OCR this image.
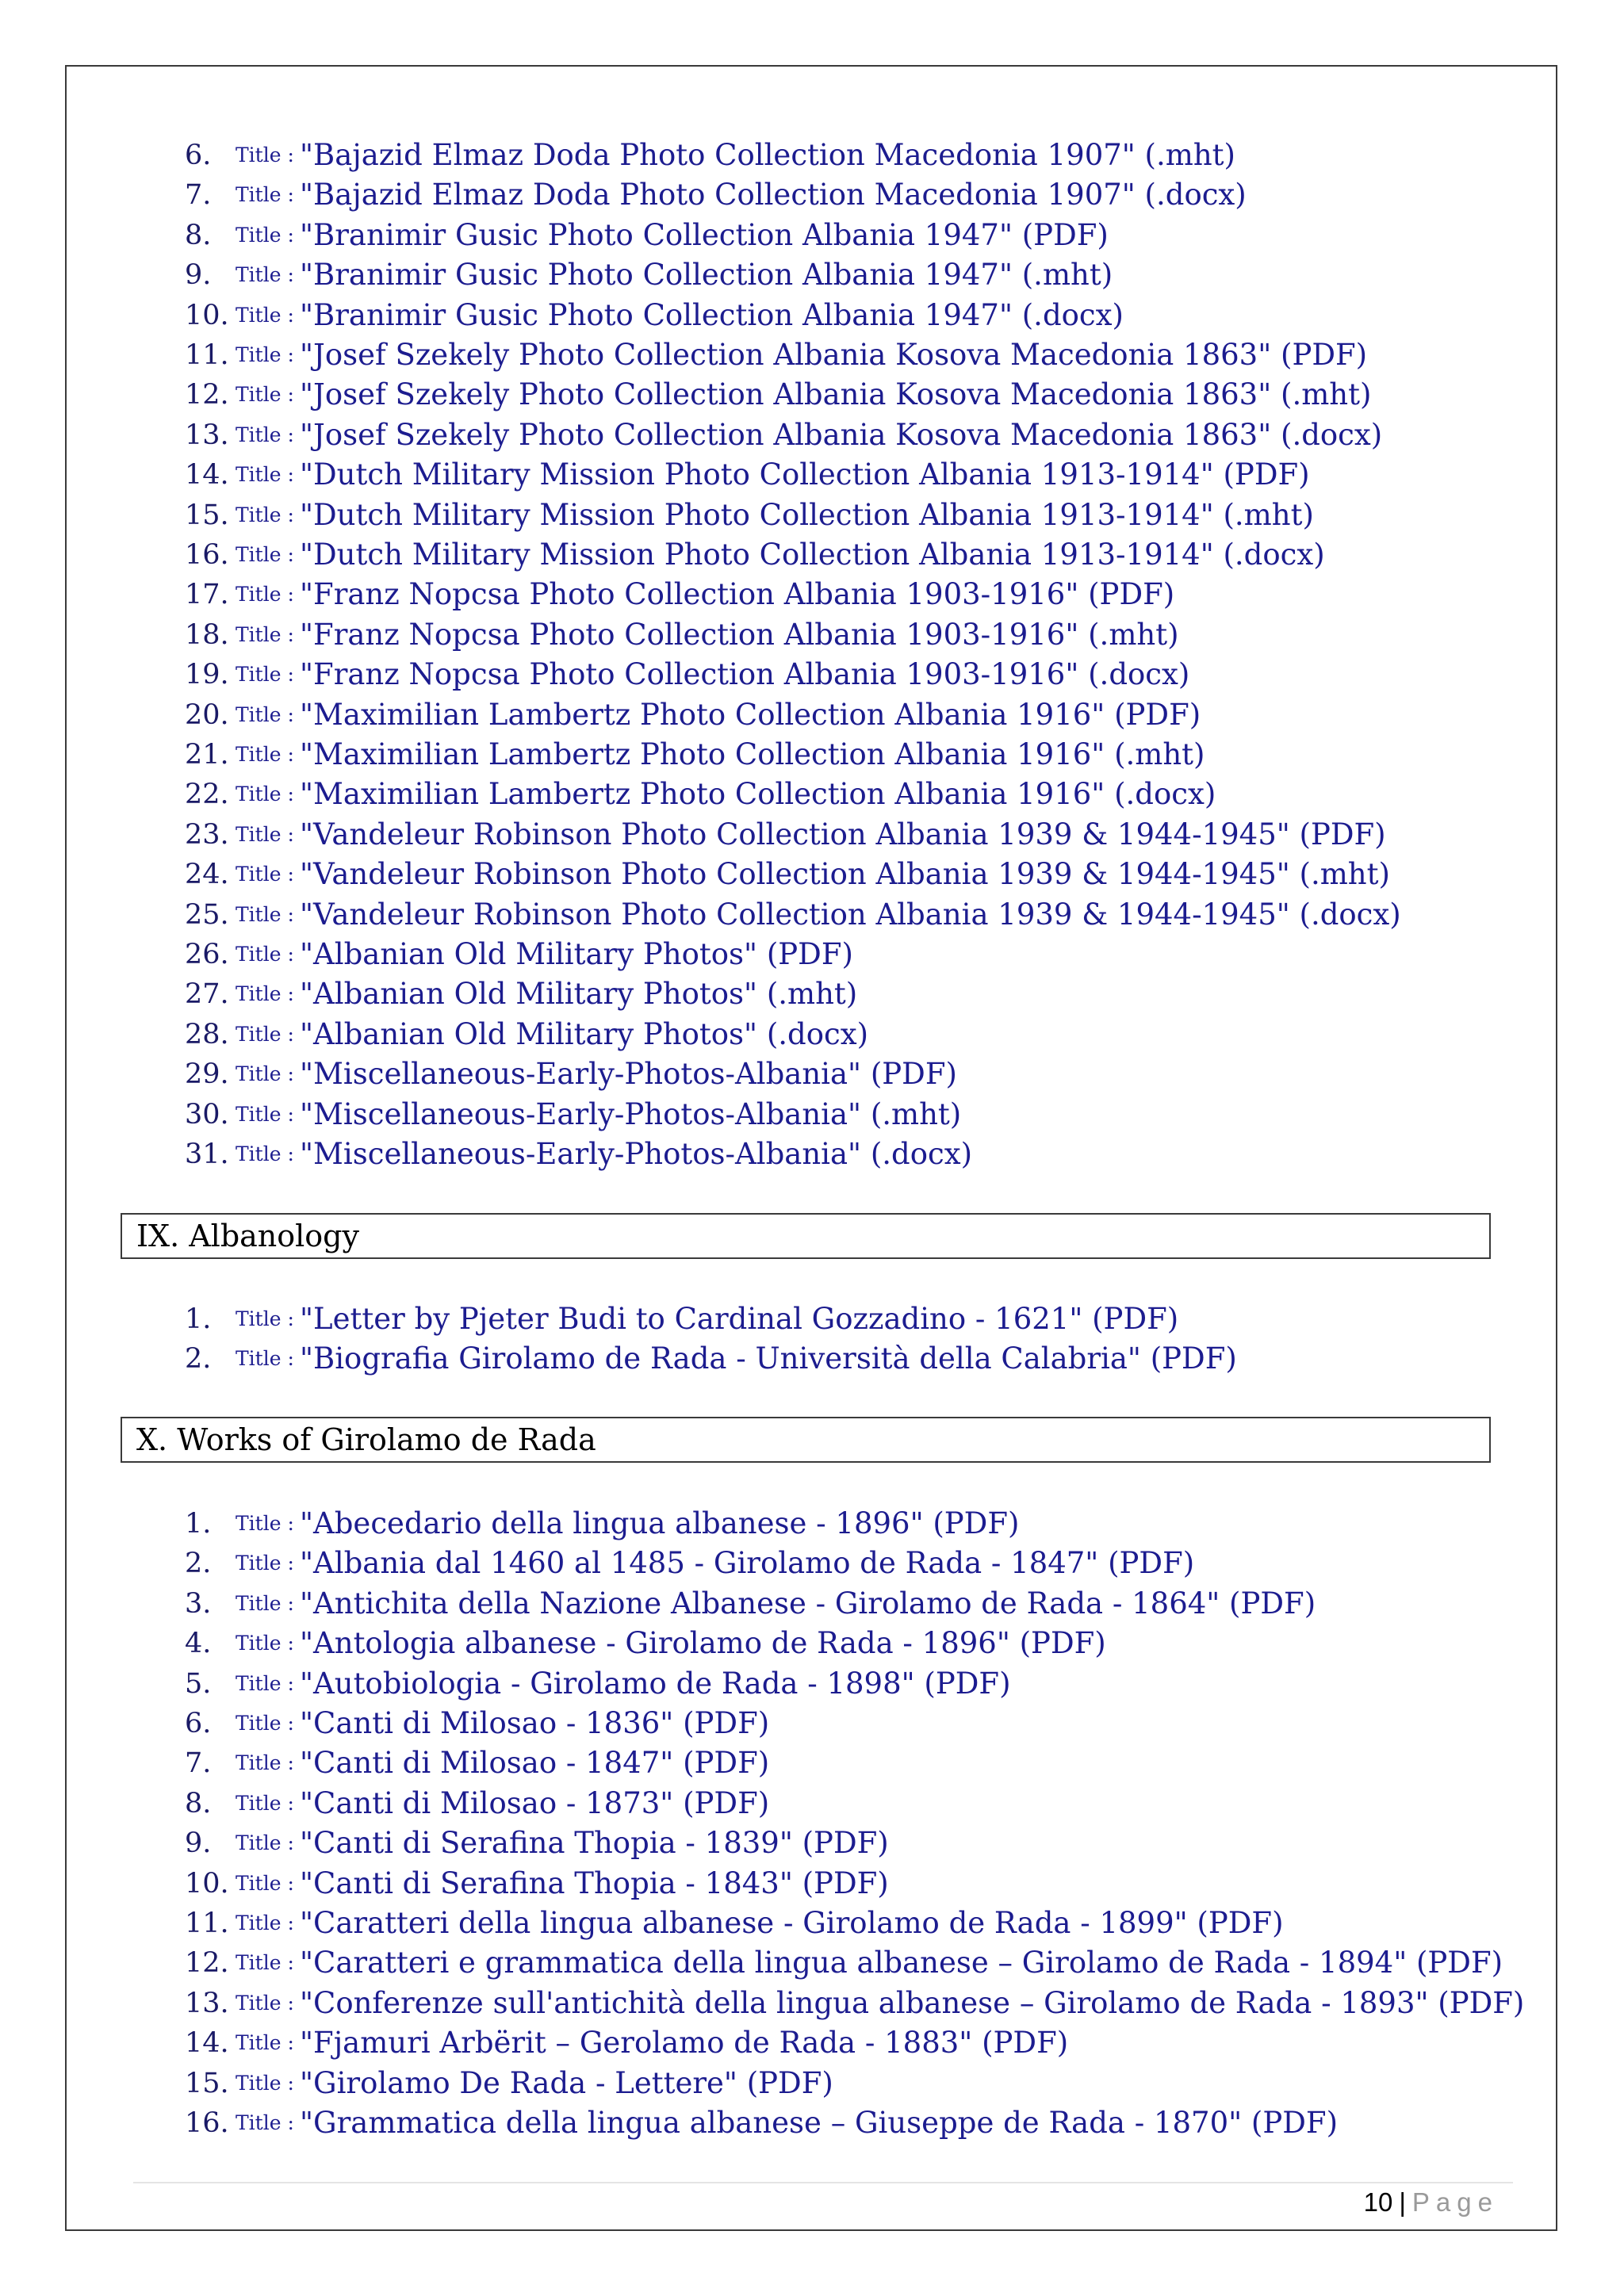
6.	Title : "Bajazid Elmaz Doda Photo Collection Macedonia 1907" (.mht)
7.	Title : "Bajazid Elmaz Doda Photo Collection Macedonia 1907" (.docx)
8.	Title : "Branimir Gusic Photo Collection Albania 1947" (PDF)
9.	Title : "Branimir Gusic Photo Collection Albania 1947" (.mht)
10. Title : "Branimir Gusic Photo Collection Albania 1947" (.docx)
11. Title : "Josef Szekely Photo Collection Albania Kosova Macedonia 1863" (PDF)
12. Title : "Josef Szekely Photo Collection Albania Kosova Macedonia 1863" (.mht)
13. Title : "Josef Szekely Photo Collection Albania Kosova Macedonia 1863" (.docx)
14. Title : "Dutch Military Mission Photo Collection Albania 1913-1914" (PDF)
15. Title : "Dutch Military Mission Photo Collection Albania 1913-1914" (.mht)
16. Title : "Dutch Military Mission Photo Collection Albania 1913-1914" (.docx)
17. Title : "Franz Nopcsa Photo Collection Albania 1903-1916" (PDF)
18. Title : "Franz Nopcsa Photo Collection Albania 1903-1916" (.mht)
19. Title : "Franz Nopcsa Photo Collection Albania 1903-1916" (.docx)
20. Title : "Maximilian Lambertz Photo Collection Albania 1916" (PDF)
21. Title : "Maximilian Lambertz Photo Collection Albania 1916" (.mht)
22. Title : "Maximilian Lambertz Photo Collection Albania 1916" (.docx)
23. Title : "Vandeleur Robinson Photo Collection Albania 1939 & 1944-1945" (PDF)
24. Title : "Vandeleur Robinson Photo Collection Albania 1939 & 1944-1945" (.mht)
25. Title : "Vandeleur Robinson Photo Collection Albania 1939 & 1944-1945" (.docx)
26. Title : "Albanian Old Military Photos" (PDF)
27. Title : "Albanian Old Military Photos" (.mht)
28. Title : "Albanian Old Military Photos" (.docx)
29. Title : "Miscellaneous-Early-Photos-Albania" (PDF)
30. Title : "Miscellaneous-Early-Photos-Albania" (.mht)
31. Title : "Miscellaneous-Early-Photos-Albania" (.docx)
IX. Albanology
1.	Title : "Letter by Pjeter Budi to Cardinal Gozzadino - 1621" (PDF)
2.	Title : "Biografia Girolamo de Rada - Università della Calabria" (PDF)
X. Works of Girolamo de Rada
1.	Title : "Abecedario della lingua albanese - 1896" (PDF)
2.	Title : "Albania dal 1460 al 1485 - Girolamo de Rada - 1847" (PDF)
3.	Title : "Antichita della Nazione Albanese - Girolamo de Rada - 1864" (PDF)
4.	Title : "Antologia albanese - Girolamo de Rada - 1896" (PDF)
5.	Title : "Autobiologia - Girolamo de Rada - 1898" (PDF)
6.	Title : "Canti di Milosao - 1836" (PDF)
7.	Title : "Canti di Milosao - 1847" (PDF)
8.	Title : "Canti di Milosao - 1873" (PDF)
9.	Title : "Canti di Serafina Thopia - 1839" (PDF)
10. Title : "Canti di Serafina Thopia - 1843" (PDF)
11. Title : "Caratteri della lingua albanese - Girolamo de Rada - 1899" (PDF)
12. Title : "Caratteri e grammatica della lingua albanese – Girolamo de Rada - 1894" (PDF)
13. Title : "Conferenze sull'antichità della lingua albanese – Girolamo de Rada - 1893" (PDF)
14. Title : "Fjamuri Arbërit – Gerolamo de Rada - 1883" (PDF)
15. Title : "Girolamo De Rada - Lettere" (PDF)
16. Title : "Grammatica della lingua albanese – Giuseppe de Rada - 1870" (PDF)
10 | Page
